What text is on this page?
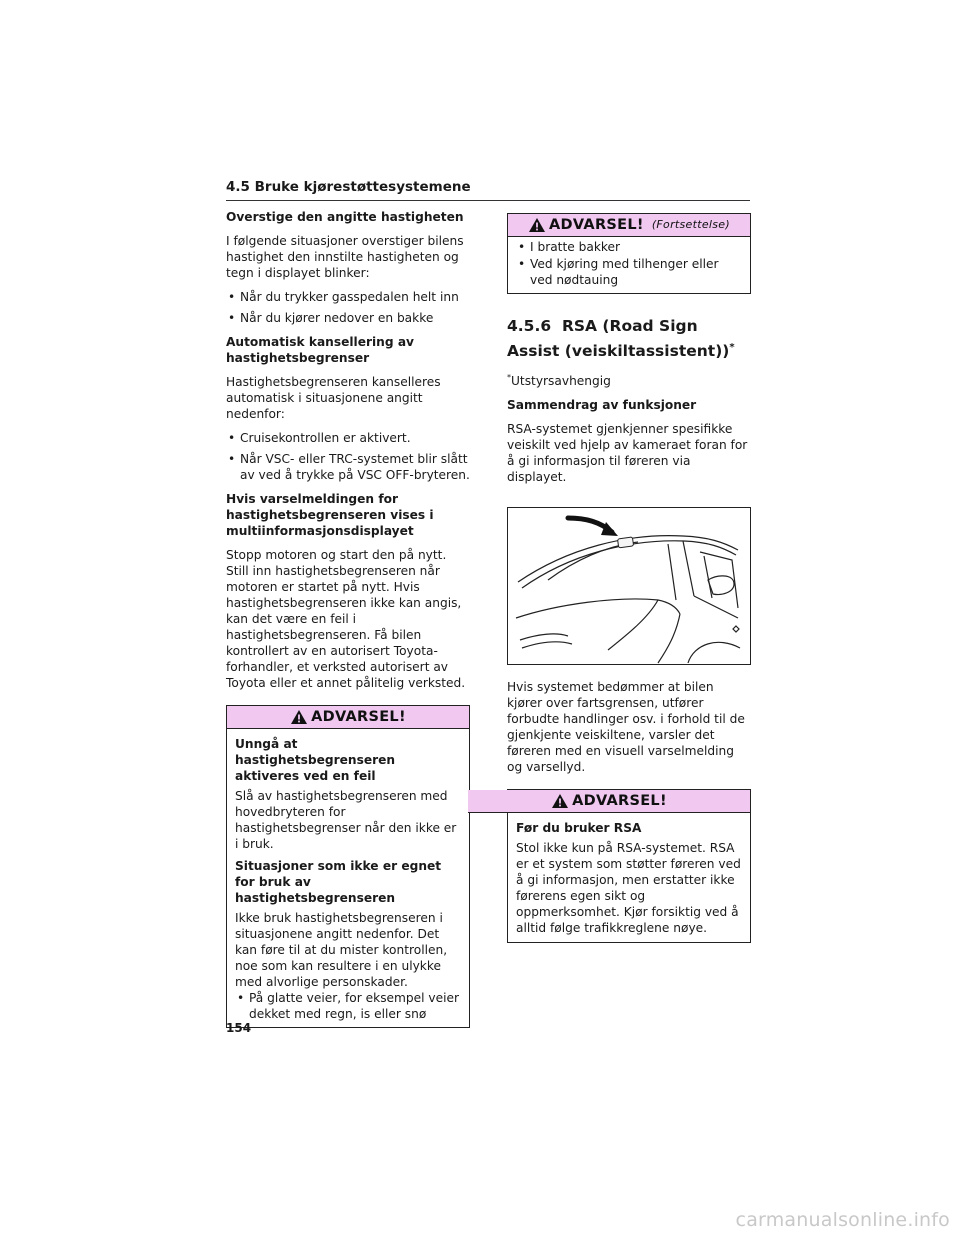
4.5 Bruke kjørestøttesystemene
Overstige den angitte hastigheten

I følgende situasjoner overstiger bilens hastighet den innstilte hastigheten og tegn i displayet blinker:

• Når du trykker gasspedalen helt inn
• Når du kjører nedover en bakke
Automatisk kansellering av hastighetsbegrenser

Hastighetsbegrenseren kanselleres automatisk i situasjonene angitt nedenfor:

• Cruisekontrollen er aktivert.
• Når VSC- eller TRC-systemet blir slått av ved å trykke på VSC OFF-bryteren.
Hvis varselmeldingen for hastighetsbegrenseren vises i multiinformasjonsdisplayet

Stopp motoren og start den på nytt. Still inn hastighetsbegrenseren når motoren er startet på nytt. Hvis hastighetsbegrenseren ikke kan angis, kan det være en feil i hastighetsbegrenseren. Få bilen kontrollert av en autorisert Toyota-forhandler, et verksted autorisert av Toyota eller et annet pålitelig verksted.

ADVARSEL!
Unngå at hastighetsbegrenseren aktiveres ved en feil

Slå av hastighetsbegrenseren med hovedbryteren for hastighetsbegrenser når den ikke er i bruk.

Situasjoner som ikke er egnet for bruk av hastighetsbegrenseren

Ikke bruk hastighetsbegrenseren i situasjonene angitt nedenfor. Det kan føre til at du mister kontrollen, noe som kan resultere i en ulykke med alvorlige personskader.

• På glatte veier, for eksempel veier dekket med regn, is eller snø
ADVARSEL! (Fortsettelse)
• I bratte bakker
• Ved kjøring med tilhenger eller ved nødtauing
4.5.6 RSA (Road Sign Assist (veiskiltassistent))*

*Utstyrsavhengig

Sammendrag av funksjoner

RSA-systemet gjenkjenner spesifikke veiskilt ved hjelp av kameraet foran for å gi informasjon til føreren via displayet.

Hvis systemet bedømmer at bilen kjører over fartsgrensen, utfører forbudte handlinger osv. i forhold til de gjenkjente veiskiltene, varsler det føreren med en visuell varselmelding og varsellyd.

ADVARSEL!
Før du bruker RSA

Stol ikke kun på RSA-systemet. RSA er et system som støtter føreren ved å gi informasjon, men erstatter ikke førerens egen sikt og oppmerksomhet. Kjør forsiktig ved å alltid følge trafikkreglene nøye.

154
carmanualsonline.info
